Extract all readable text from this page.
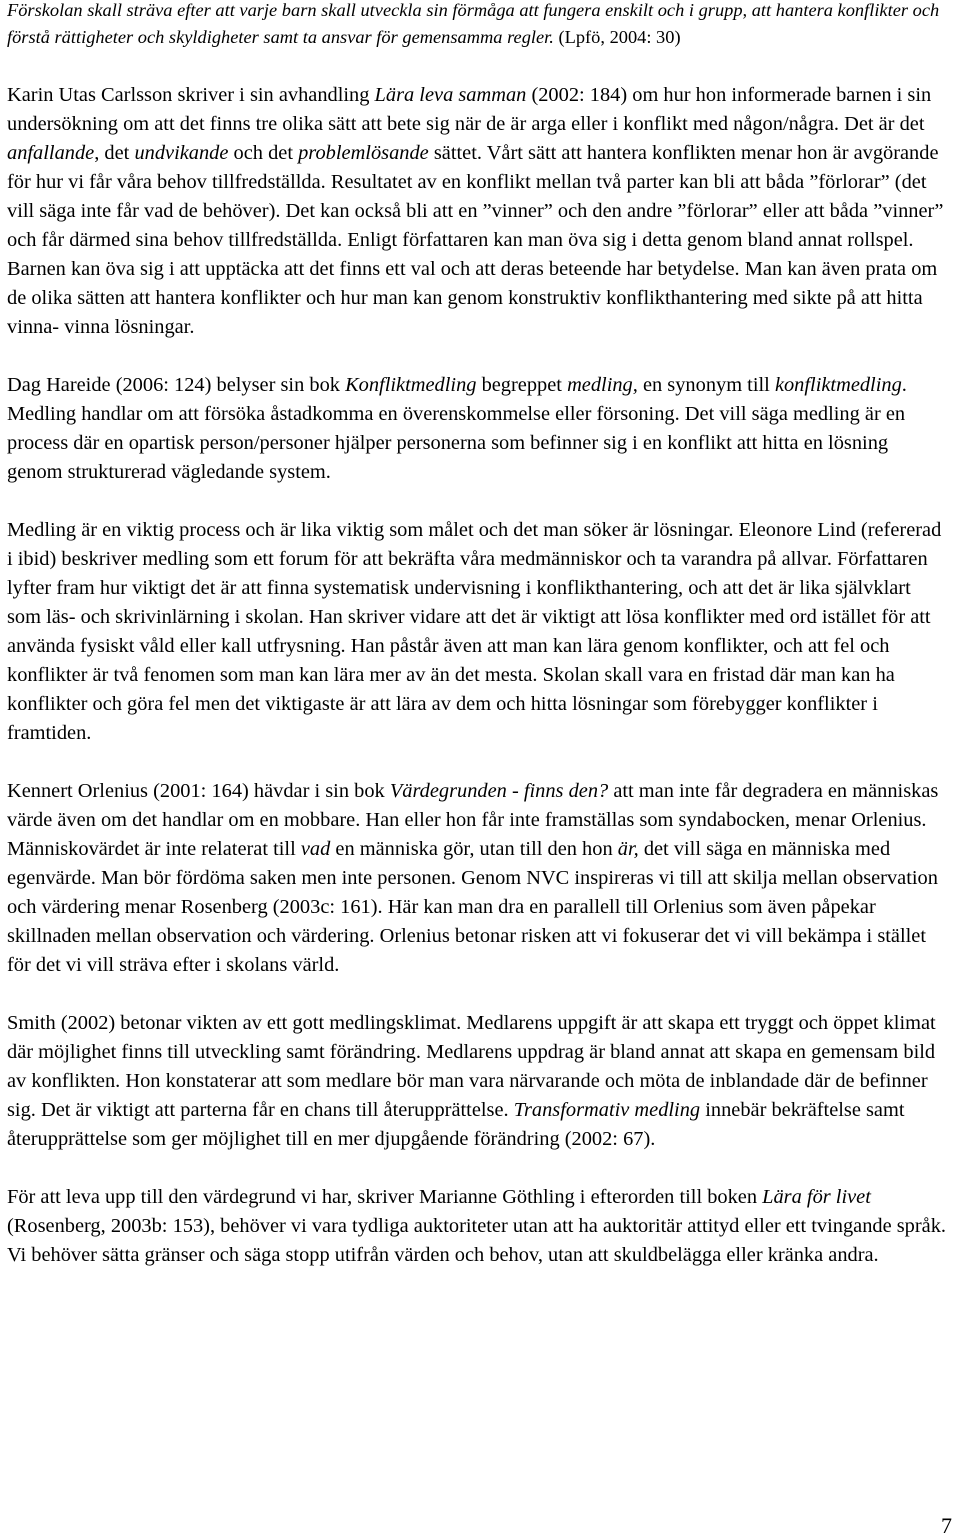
Förskolan skall sträva efter att varje barn skall utveckla sin förmåga att fungera enskilt och i grupp, att hantera konflikter och förstå rättigheter och skyldigheter samt ta ansvar för gemensamma regler. (Lpfö, 2004: 30)

Karin Utas Carlsson skriver i sin avhandling Lära leva samman (2002: 184) om hur hon informerade barnen i sin undersökning om att det finns tre olika sätt att bete sig när de är arga eller i konflikt med någon/några. Det är det anfallande, det undvikande och det problemlösande sättet. Vårt sätt att hantera konflikten menar hon är avgörande för hur vi får våra behov tillfredställda. Resultatet av en konflikt mellan två parter kan bli att båda ”förlorar” (det vill säga inte får vad de behöver). Det kan också bli att en ”vinner” och den andre ”förlorar” eller att båda ”vinner” och får därmed sina behov tillfredställda. Enligt författaren kan man öva sig i detta genom bland annat rollspel. Barnen kan öva sig i att upptäcka att det finns ett val och att deras beteende har betydelse. Man kan även prata om de olika sätten att hantera konflikter och hur man kan genom konstruktiv konflikthantering med sikte på att hitta vinna- vinna lösningar.

Dag Hareide (2006: 124) belyser sin bok Konfliktmedling begreppet medling, en synonym till konfliktmedling. Medling handlar om att försöka åstadkomma en överenskommelse eller försoning. Det vill säga medling är en process där en opartisk person/personer hjälper personerna som befinner sig i en konflikt att hitta en lösning genom strukturerad vägledande system.

Medling är en viktig process och är lika viktig som målet och det man söker är lösningar. Eleonore Lind (refererad i ibid) beskriver medling som ett forum för att bekräfta våra medmänniskor och ta varandra på allvar. Författaren lyfter fram hur viktigt det är att finna systematisk undervisning i konflikthantering, och att det är lika självklart som läs- och skrivinlärning i skolan. Han skriver vidare att det är viktigt att lösa konflikter med ord istället för att använda fysiskt våld eller kall utfrysning. Han påstår även att man kan lära genom konflikter, och att fel och konflikter är två fenomen som man kan lära mer av än det mesta. Skolan skall vara en fristad där man kan ha konflikter och göra fel men det viktigaste är att lära av dem och hitta lösningar som förebygger konflikter i framtiden.

Kennert Orlenius (2001: 164) hävdar i sin bok Värdegrunden - finns den? att man inte får degradera en människas värde även om det handlar om en mobbare. Han eller hon får inte framställas som syndabocken, menar Orlenius. Människovärdet är inte relaterat till vad en människa gör, utan till den hon är, det vill säga en människa med egenvärde. Man bör fördöma saken men inte personen. Genom NVC inspireras vi till att skilja mellan observation och värdering menar Rosenberg (2003c: 161). Här kan man dra en parallell till Orlenius som även påpekar skillnaden mellan observation och värdering. Orlenius betonar risken att vi fokuserar det vi vill bekämpa i stället för det vi vill sträva efter i skolans värld.

Smith (2002) betonar vikten av ett gott medlingsklimat. Medlarens uppgift är att skapa ett tryggt och öppet klimat där möjlighet finns till utveckling samt förändring. Medlarens uppdrag är bland annat att skapa en gemensam bild av konflikten. Hon konstaterar att som medlare bör man vara närvarande och möta de inblandade där de befinner sig. Det är viktigt att parterna får en chans till återupprättelse. Transformativ medling innebär bekräftelse samt återupprättelse som ger möjlighet till en mer djupgående förändring (2002: 67).

För att leva upp till den värdegrund vi har, skriver Marianne Göthling i efterorden till boken Lära för livet (Rosenberg, 2003b: 153), behöver vi vara tydliga auktoriteter utan att ha auktoritär attityd eller ett tvingande språk. Vi behöver sätta gränser och säga stopp utifrån värden och behov, utan att skuldbelägga eller kränka andra.

7
